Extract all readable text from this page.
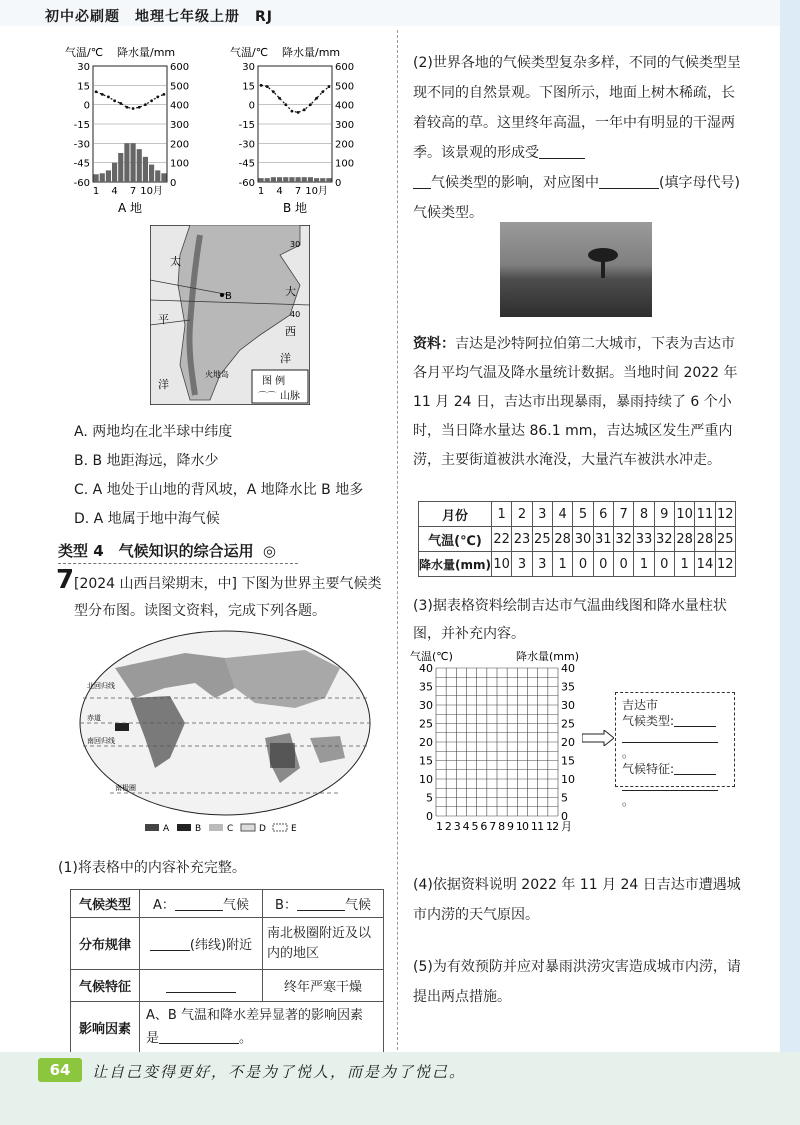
初中必刷题　地理七年级上册　RJ
气温/℃ 降水量/mm
30	600
15	500
0	400
-15	300
-30	200
-45	100
-60	0
1 4 7 10月
A 地
气温/℃ 降水量/mm
30	600
15	500
0	400
-15	300
-30	200
-45	100
-60	0
1 4 7 10月
B 地
B
30
40
太
平
洋
大
西
洋
火地岛
图 例
⌒⌒ 山脉
A. 两地均在北半球中纬度
B. B 地距海远，降水少
C. A 地处于山地的背风坡，A 地降水比 B 地多
D. A 地属于地中海气候
类型 4　气候知识的综合运用 ◎
7 [2024 山西吕梁期末，中] 下图为世界主要气候类型分布图。读图文资料，完成下列各题。
北回归线
赤道
南回归线
南极圈
A	B	C	D	E
(1)将表格中的内容补充完整。
气候类型	A： 气候	B： 气候
分布规律	(纬线)附近	南北极圈附近及以内的地区
气候特征		终年严寒干燥
影响因素	A、B 气温和降水差异显著的影响因素
是 。	
(2)世界各地的气候类型复杂多样，不同的气候类型呈现不同的自然景观。下图所示，地面上树木稀疏，长着较高的草。这里终年高温，一年中有明显的干湿两季。该景观的形成受
气候类型的影响，对应图中	(填字母代号)气候类型。
资料：吉达是沙特阿拉伯第二大城市，下表为吉达市各月平均气温及降水量统计数据。当地时间 2022 年 11 月 24 日，吉达市出现暴雨，暴雨持续了 6 个小时，当日降水量达 86.1 mm，吉达城区发生严重内涝，主要街道被洪水淹没，大量汽车被洪水冲走。
月份	1	2	3	4	5	6	7	8	9	10	11	12
气温(℃)	22	23	25	28	30	31	32	33	32	28	28	25
降水量(mm)	10	3	3	1	0	0	0	1	0	1	14	12
(3)据表格资料绘制吉达市气温曲线图和降水量柱状图，并补充内容。
气温(℃)	降水量(mm)
40	40
35	35
30	30
25	25
20	20
15	15
10	10
5	5
0	0
1 2 3 4 5 6 7 8 9 10 11 12 月
吉达市
气候类型:
。
气候特征:
。
(4)依据资料说明 2022 年 11 月 24 日吉达市遭遇城市内涝的天气原因。
(5)为有效预防并应对暴雨洪涝灾害造成城市内涝，请提出两点措施。
64	让自己变得更好，不是为了悦人，而是为了悦己。
